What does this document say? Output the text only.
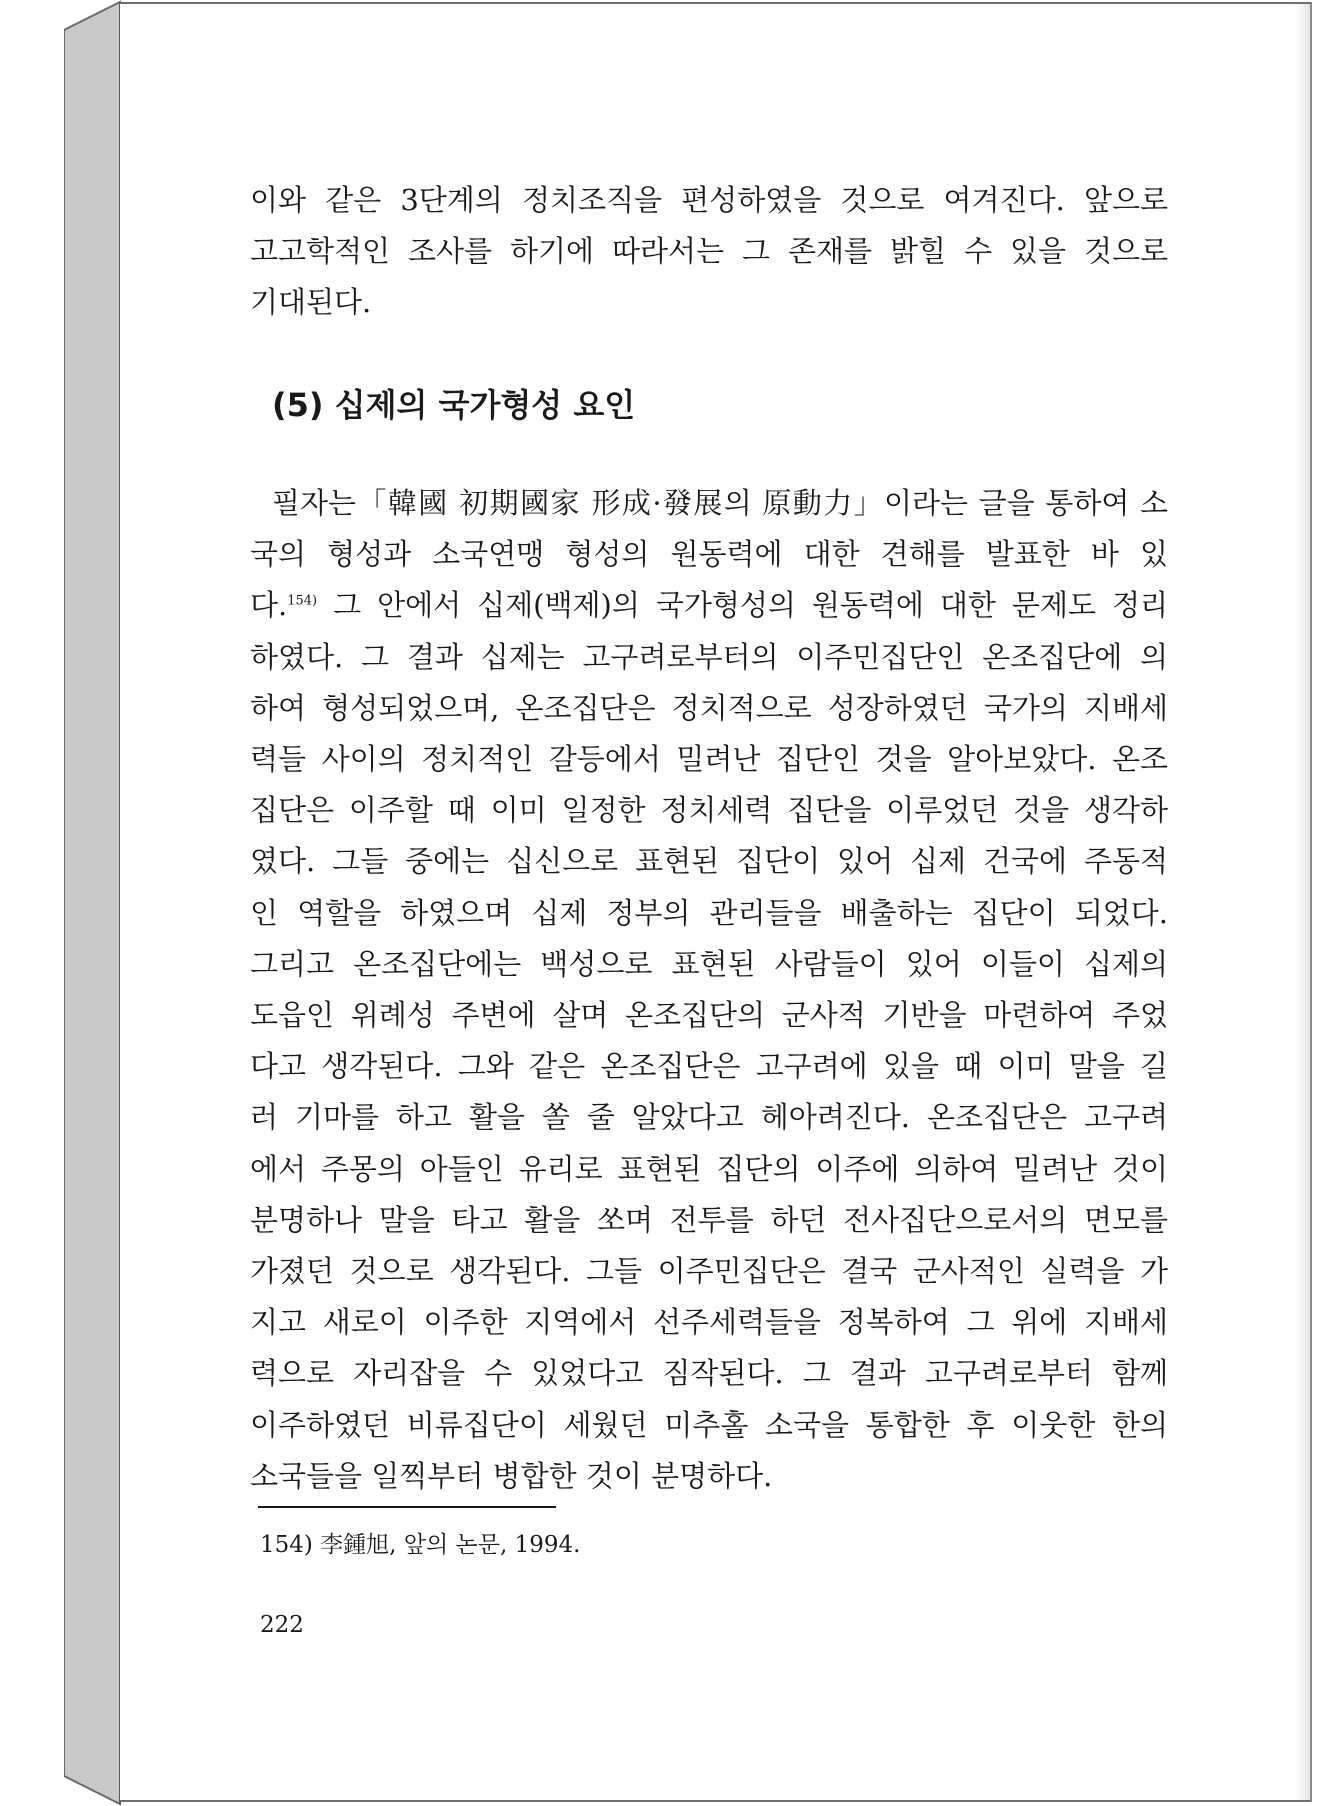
이와 같은 3단계의 정치조직을 편성하였을 것으로 여겨진다. 앞으로
고고학적인 조사를 하기에 따라서는 그 존재를 밝힐 수 있을 것으로
기대된다.
(5) 십제의 국가형성 요인
필자는「韓國 初期國家 形成·發展의 原動力」이라는 글을 통하여 소
국의 형성과 소국연맹 형성의 원동력에 대한 견해를 발표한 바 있
다.$^{154)}$ 그 안에서 십제(백제)의 국가형성의 원동력에 대한 문제도 정리
하였다. 그 결과 십제는 고구려로부터의 이주민집단인 온조집단에 의
하여 형성되었으며, 온조집단은 정치적으로 성장하였던 국가의 지배세
력들 사이의 정치적인 갈등에서 밀려난 집단인 것을 알아보았다. 온조
집단은 이주할 때 이미 일정한 정치세력 집단을 이루었던 것을 생각하
였다. 그들 중에는 십신으로 표현된 집단이 있어 십제 건국에 주동적
인 역할을 하였으며 십제 정부의 관리들을 배출하는 집단이 되었다.
그리고 온조집단에는 백성으로 표현된 사람들이 있어 이들이 십제의
도읍인 위례성 주변에 살며 온조집단의 군사적 기반을 마련하여 주었
다고 생각된다. 그와 같은 온조집단은 고구려에 있을 때 이미 말을 길
러 기마를 하고 활을 쏠 줄 알았다고 헤아려진다. 온조집단은 고구려
에서 주몽의 아들인 유리로 표현된 집단의 이주에 의하여 밀려난 것이
분명하나 말을 타고 활을 쏘며 전투를 하던 전사집단으로서의 면모를
가졌던 것으로 생각된다. 그들 이주민집단은 결국 군사적인 실력을 가
지고 새로이 이주한 지역에서 선주세력들을 정복하여 그 위에 지배세
력으로 자리잡을 수 있었다고 짐작된다. 그 결과 고구려로부터 함께
이주하였던 비류집단이 세웠던 미추홀 소국을 통합한 후 이웃한 한의
소국들을 일찍부터 병합한 것이 분명하다.
154) 李鍾旭, 앞의 논문, 1994.
222
